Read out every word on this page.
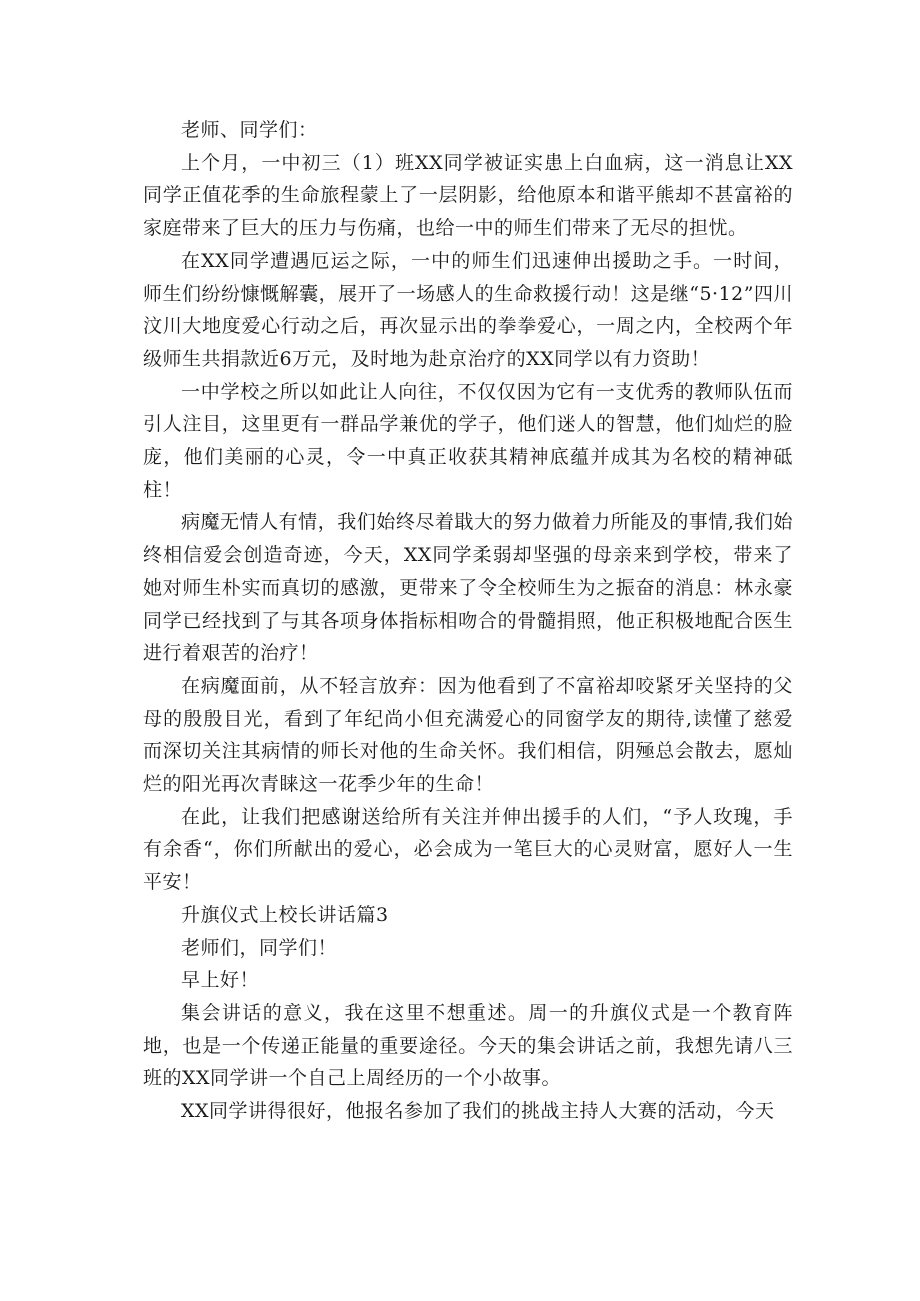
老师、同学们：

上个月，一中初三（1）班XX同学被证实患上白血病，这一消息让XX同学正值花季的生命旅程蒙上了一层阴影，给他原本和谐平熊却不甚富裕的家庭带来了巨大的压力与伤痛，也给一中的师生们带来了无尽的担忧。

在XX同学遭遇厄运之际，一中的师生们迅速伸出援助之手。一时间，师生们纷纷慷慨解囊，展开了一场感人的生命救援行动！这是继“5·12”四川汶川大地度爱心行动之后，再次显示出的拳拳爱心，一周之内，全校两个年级师生共捐款近6万元，及时地为赴京治疗的XX同学以有力资助！

一中学校之所以如此让人向往，不仅仅因为它有一支优秀的教师队伍而引人注目，这里更有一群品学兼优的学子，他们迷人的智慧，他们灿烂的脸庞，他们美丽的心灵，令一中真正收获其精神底蕴并成其为名校的精神砥柱！

病魔无情人有情，我们始终尽着戢大的努力做着力所能及的事情,我们始终相信爱会创造奇迹，今天，XX同学柔弱却坚强的母亲来到学校，带来了她对师生朴实而真切的感激，更带来了令全校师生为之振奋的消息：林永豪同学已经找到了与其各项身体指标相吻合的骨髓捐照，他正积极地配合医生进行着艰苦的治疗！

在病魔面前，从不轻言放弃：因为他看到了不富裕却咬紧牙关坚持的父母的殷殷目光，看到了年纪尚小但充满爱心的同窗学友的期待,读懂了慈爱而深切关注其病情的师长对他的生命关怀。我们相信，阴殛总会散去，愿灿烂的阳光再次青睐这一花季少年的生命！

在此，让我们把感谢送给所有关注并伸出援手的人们，“予人玫瑰，手有余香“，你们所献出的爱心，必会成为一笔巨大的心灵财富，愿好人一生平安！

升旗仪式上校长讲话篇3

老师们，同学们！

早上好！

集会讲话的意义，我在这里不想重述。周一的升旗仪式是一个教育阵地，也是一个传递正能量的重要途径。今天的集会讲话之前，我想先请八三班的XX同学讲一个自己上周经历的一个小故事。

XX同学讲得很好，他报名参加了我们的挑战主持人大赛的活动，今天
